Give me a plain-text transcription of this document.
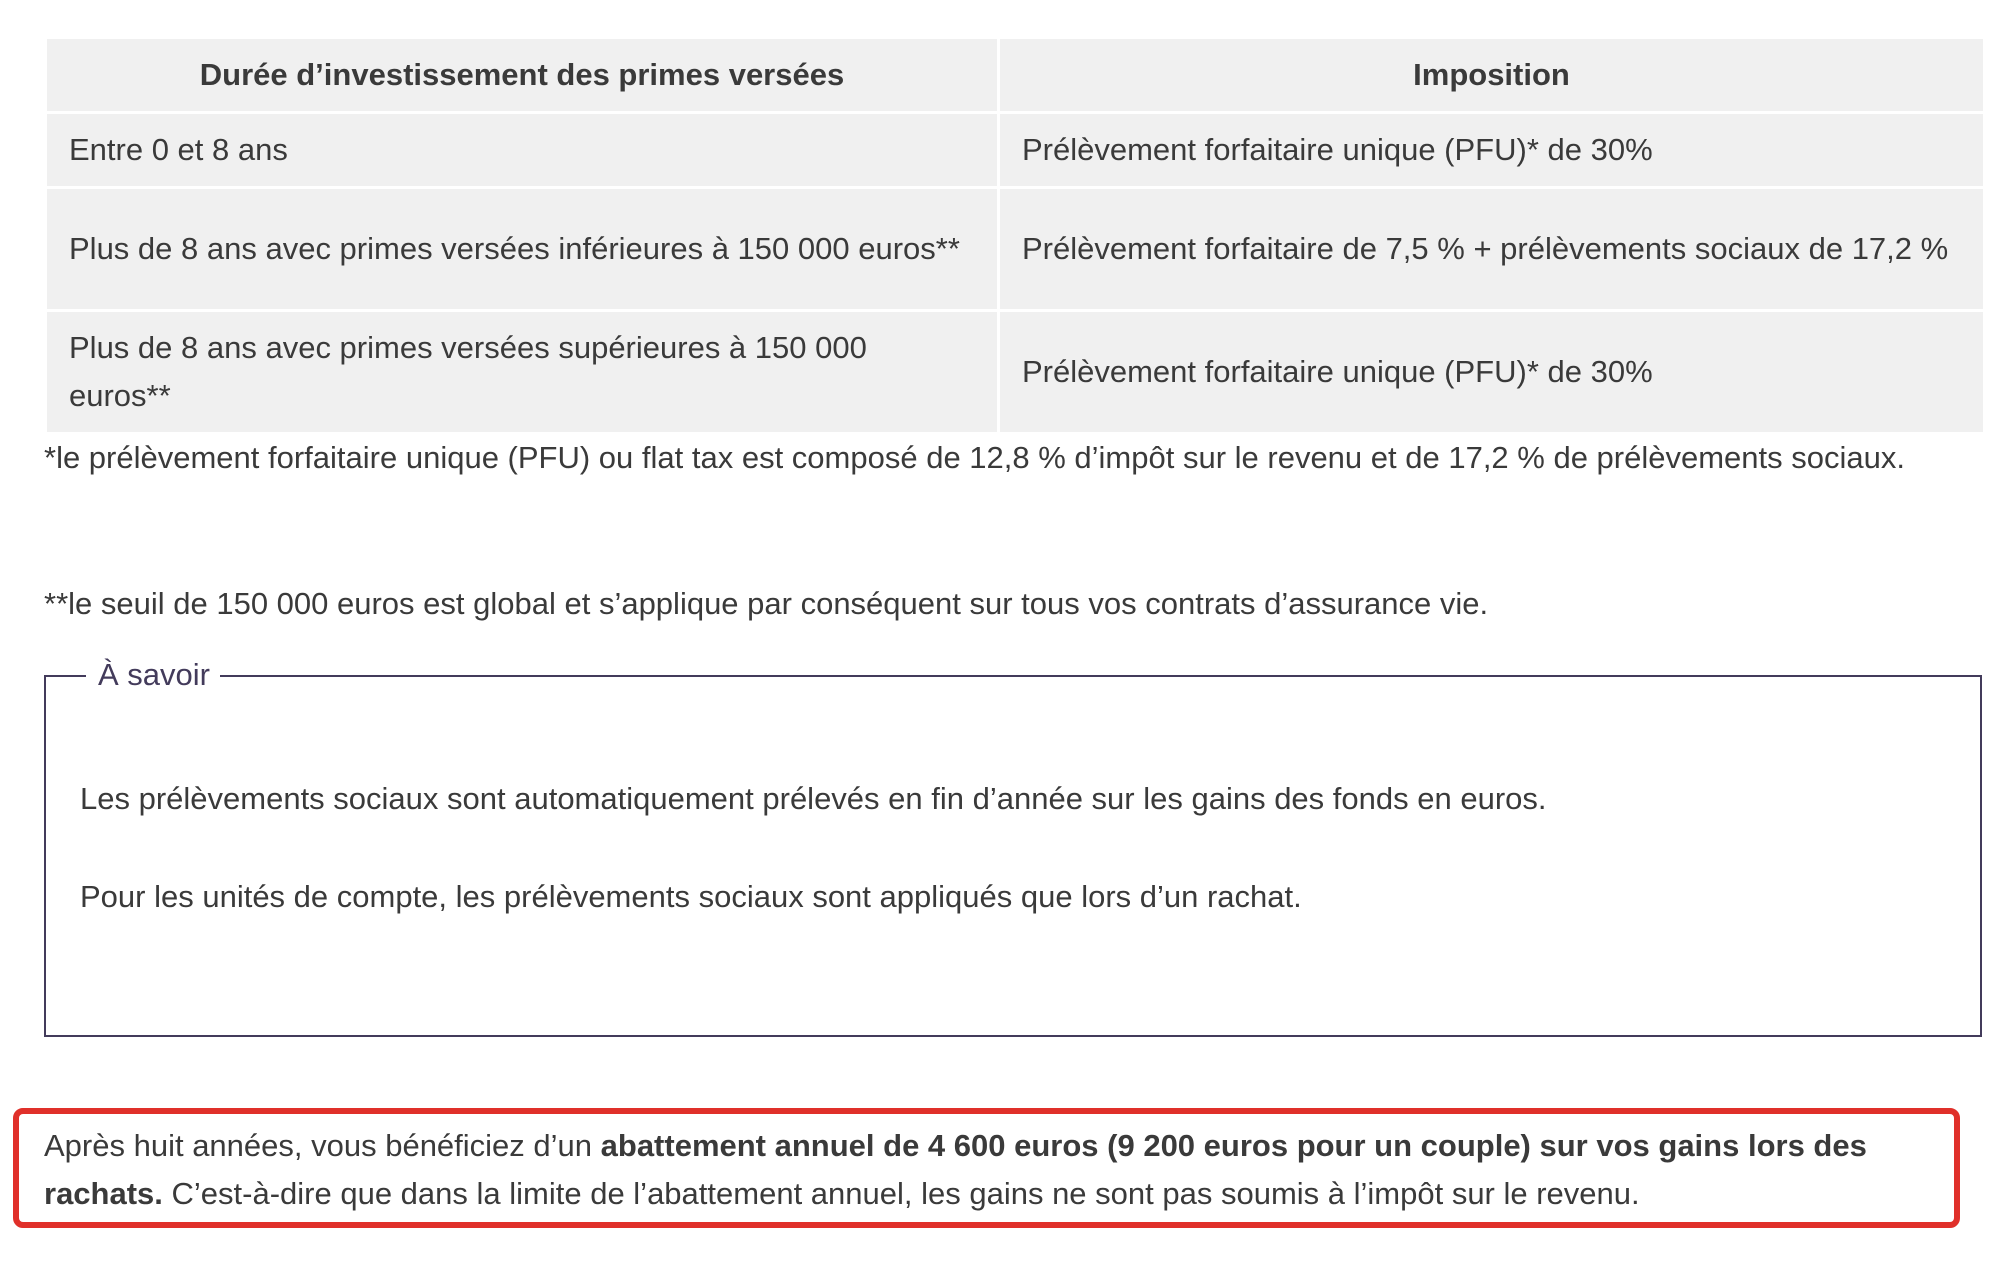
Durée d’investissement des primes versées	Imposition
Entre 0 et 8 ans	Prélèvement forfaitaire unique (PFU)* de 30%
Plus de 8 ans avec primes versées inférieures à 150 000 euros**	Prélèvement forfaitaire de 7,5 % + prélèvements sociaux de 17,2 %
Plus de 8 ans avec primes versées supérieures à 150 000 euros**	Prélèvement forfaitaire unique (PFU)* de 30%
*le prélèvement forfaitaire unique (PFU) ou flat tax est composé de 12,8 % d’impôt sur le revenu et de 17,2 % de prélèvements sociaux.
**le seuil de 150 000 euros est global et s’applique par conséquent sur tous vos contrats d’assurance vie.
À savoir

Les prélèvements sociaux sont automatiquement prélevés en fin d’année sur les gains des fonds en euros.

Pour les unités de compte, les prélèvements sociaux sont appliqués que lors d’un rachat.

Après huit années, vous bénéficiez d’un abattement annuel de 4 600 euros (9 200 euros pour un couple) sur vos gains lors des rachats. C’est-à-dire que dans la limite de l’abattement annuel, les gains ne sont pas soumis à l’impôt sur le revenu.
